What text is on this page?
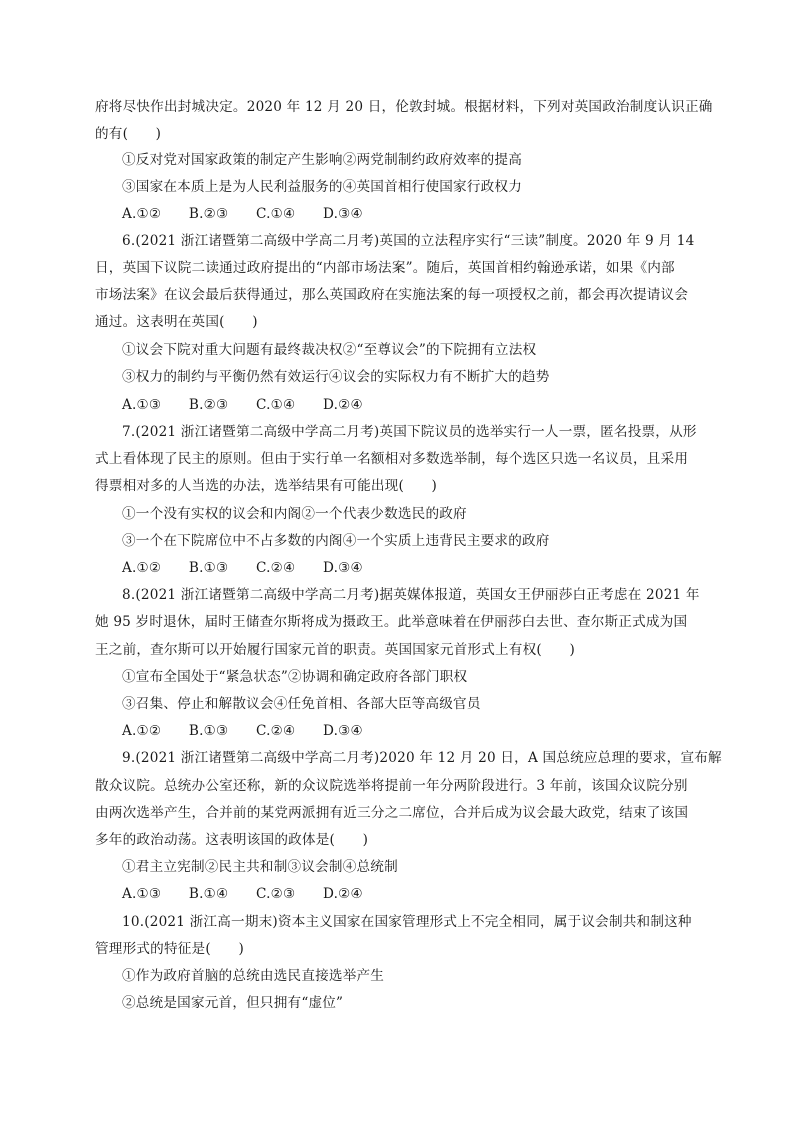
府将尽快作出封城决定。2020 年 12 月 20 日，伦敦封城。根据材料，下列对英国政治制度认识正确
的有(　　)
①反对党对国家政策的制定产生影响②两党制制约政府效率的提高
③国家在本质上是为人民利益服务的④英国首相行使国家行政权力
A.①②　　B.②③　　C.①④　　D.③④
6.(2021 浙江诸暨第二高级中学高二月考)英国的立法程序实行“三读”制度。2020 年 9 月 14
日，英国下议院二读通过政府提出的“内部市场法案”。随后，英国首相约翰逊承诺，如果《内部
市场法案》在议会最后获得通过，那么英国政府在实施法案的每一项授权之前，都会再次提请议会
通过。这表明在英国(　　)
①议会下院对重大问题有最终裁决权②“至尊议会”的下院拥有立法权
③权力的制约与平衡仍然有效运行④议会的实际权力有不断扩大的趋势
A.①③　　B.②③　　C.①④　　D.②④
7.(2021 浙江诸暨第二高级中学高二月考)英国下院议员的选举实行一人一票，匿名投票，从形
式上看体现了民主的原则。但由于实行单一名额相对多数选举制，每个选区只选一名议员，且采用
得票相对多的人当选的办法，选举结果有可能出现(　　)
①一个没有实权的议会和内阁②一个代表少数选民的政府
③一个在下院席位中不占多数的内阁④一个实质上违背民主要求的政府
A.①②　　B.①③　　C.②④　　D.③④
8.(2021 浙江诸暨第二高级中学高二月考)据英媒体报道，英国女王伊丽莎白正考虑在 2021 年
她 95 岁时退休，届时王储查尔斯将成为摄政王。此举意味着在伊丽莎白去世、查尔斯正式成为国
王之前，查尔斯可以开始履行国家元首的职责。英国国家元首形式上有权(　　)
①宣布全国处于“紧急状态”②协调和确定政府各部门职权
③召集、停止和解散议会④任免首相、各部大臣等高级官员
A.①②　　B.①③　　C.②④　　D.③④
9.(2021 浙江诸暨第二高级中学高二月考)2020 年 12 月 20 日，A 国总统应总理的要求，宣布解
散众议院。总统办公室还称，新的众议院选举将提前一年分两阶段进行。3 年前，该国众议院分别
由两次选举产生，合并前的某党两派拥有近三分之二席位，合并后成为议会最大政党，结束了该国
多年的政治动荡。这表明该国的政体是(　　)
①君主立宪制②民主共和制③议会制④总统制
A.①③　　B.①④　　C.②③　　D.②④
10.(2021 浙江高一期末)资本主义国家在国家管理形式上不完全相同，属于议会制共和制这种
管理形式的特征是(　　)
①作为政府首脑的总统由选民直接选举产生
②总统是国家元首，但只拥有“虚位”
